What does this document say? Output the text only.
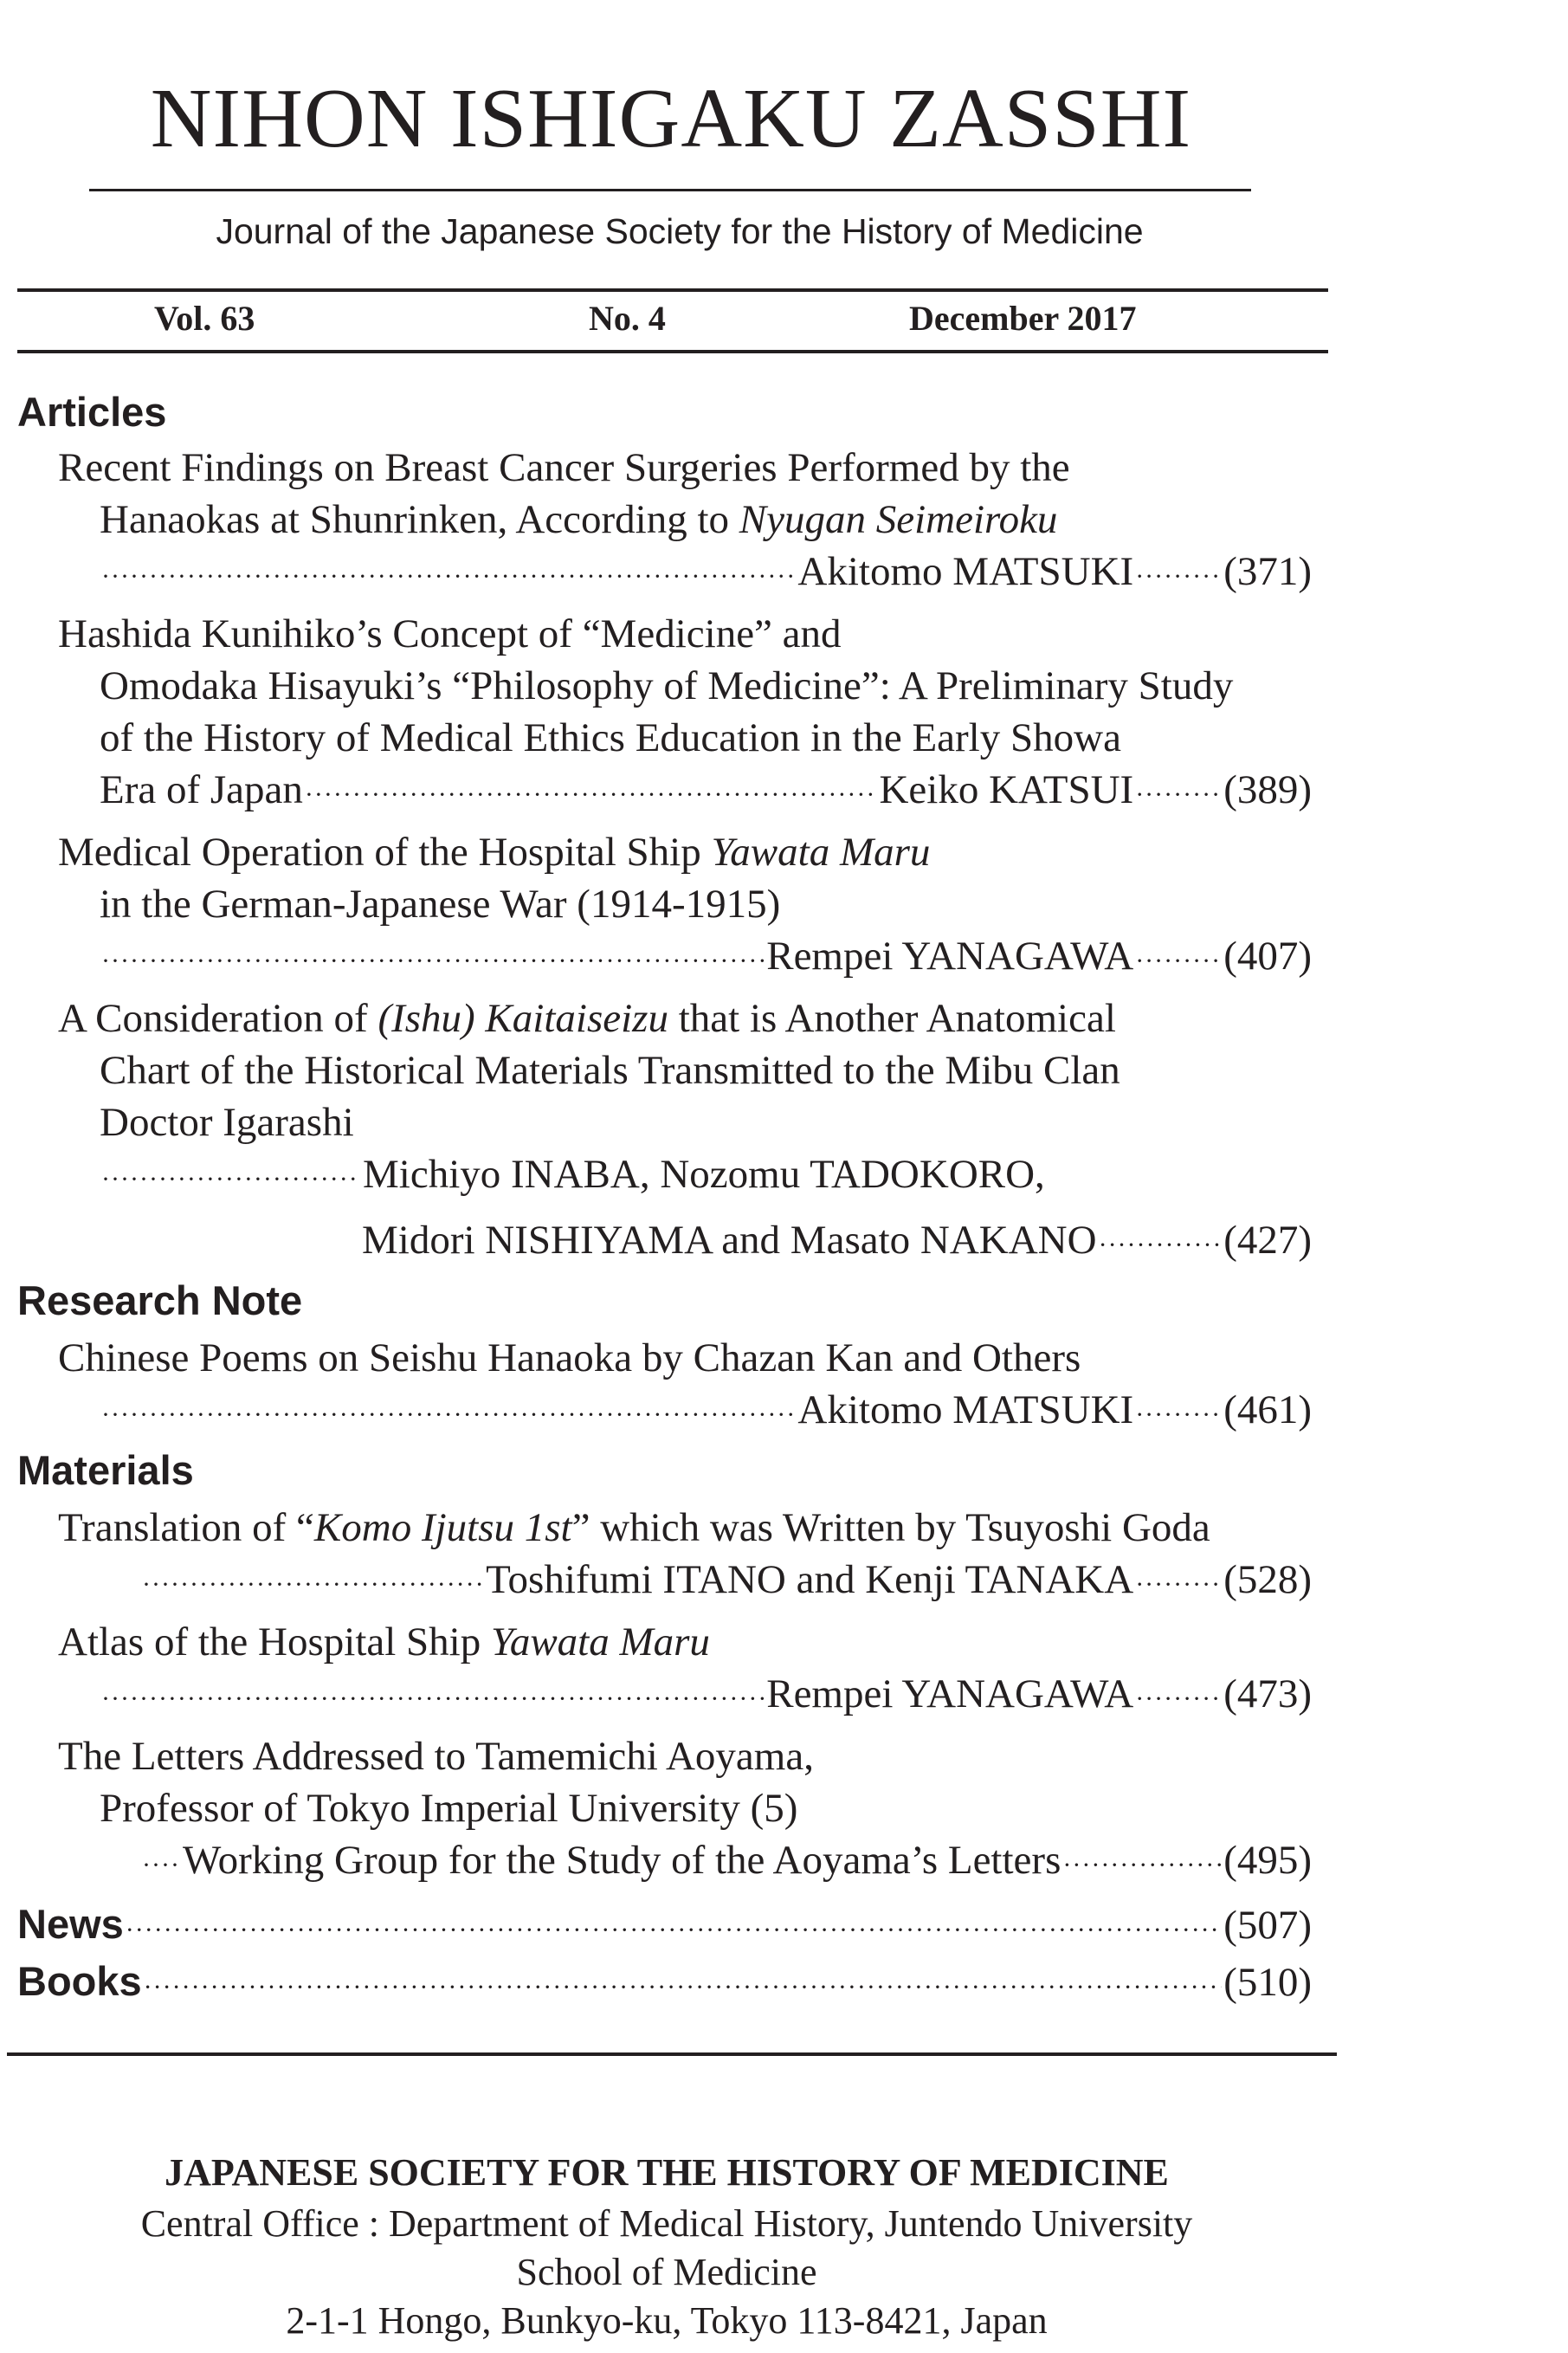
NIHON ISHIGAKU ZASSHI
Journal of the Japanese Society for the History of Medicine
Vol. 63	No. 4	December 2017
Articles
Recent Findings on Breast Cancer Surgeries Performed by the
Hanaokas at Shunrinken, According to Nyugan Seimeiroku
·····
Akitomo MATSUKI ····· (371)
Hashida Kunihiko’s Concept of “Medicine” and
Omodaka Hisayuki’s “Philosophy of Medicine”: A Preliminary Study
of the History of Medical Ethics Education in the Early Showa
Era of Japan ·····	Keiko KATSUI ····· (389)
Medical Operation of the Hospital Ship Yawata Maru
in the German-Japanese War (1914-1915)
·····
Rempei YANAGAWA ····· (407)
A Consideration of (Ishu) Kaitaiseizu that is Another Anatomical
Chart of the Historical Materials Transmitted to the Mibu Clan
Doctor Igarashi
·····
Michiyo INABA, Nozomu TADOKORO,
Midori NISHIYAMA and Masato NAKANO ·····	(427)
Research Note
Chinese Poems on Seishu Hanaoka by Chazan Kan and Others
·····
Akitomo MATSUKI ····· (461)
Materials
Translation of “Komo Ijutsu 1st” which was Written by Tsuyoshi Goda
·····
Toshifumi ITANO and Kenji TANAKA ····· (528)
Atlas of the Hospital Ship Yawata Maru
·····
Rempei YANAGAWA ····· (473)
The Letters Addressed to Tamemichi Aoyama,
Professor of Tokyo Imperial University (5)
·····
Working Group for the Study of the Aoyama’s Letters ·····	(495)
News ·····	(507)
Books ·····	(510)
JAPANESE SOCIETY FOR THE HISTORY OF MEDICINE
Central Office : Department of Medical History, Juntendo University
School of Medicine
2-1-1 Hongo, Bunkyo-ku, Tokyo 113-8421, Japan
